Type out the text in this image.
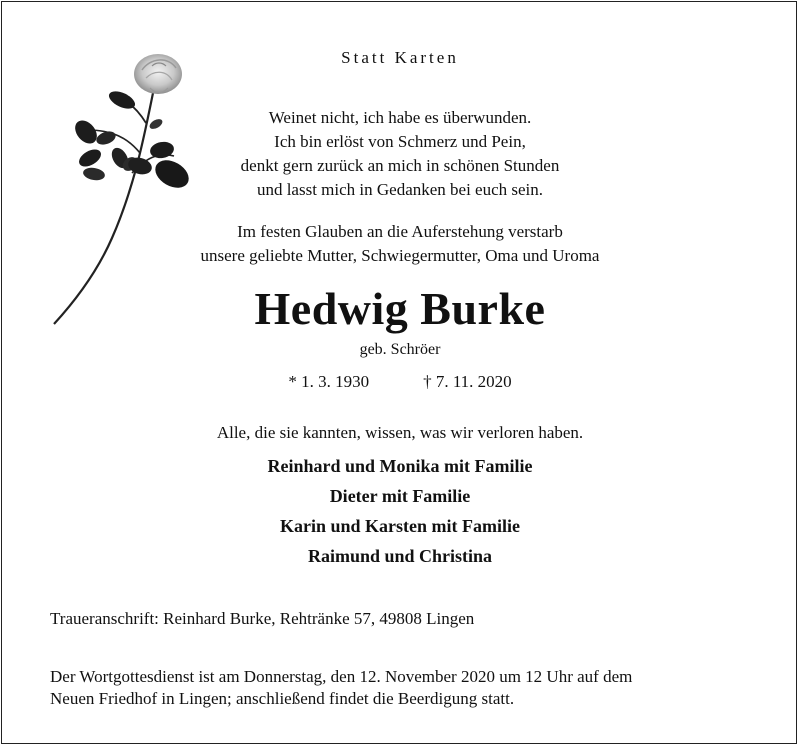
Statt Karten
Weinet nicht, ich habe es überwunden.
Ich bin erlöst von Schmerz und Pein,
denkt gern zurück an mich in schönen Stunden
und lasst mich in Gedanken bei euch sein.
Im festen Glauben an die Auferstehung verstarb
unsere geliebte Mutter, Schwiegermutter, Oma und Uroma
Hedwig Burke
geb. Schröer
* 1. 3. 1930	† 7. 11. 2020
Alle, die sie kannten, wissen, was wir verloren haben.
Reinhard und Monika mit Familie
Dieter mit Familie
Karin und Karsten mit Familie
Raimund und Christina
Traueranschrift: Reinhard Burke, Rehtränke 57, 49808 Lingen
Der Wortgottesdienst ist am Donnerstag, den 12. November 2020 um 12 Uhr auf dem
Neuen Friedhof in Lingen; anschließend findet die Beerdigung statt.
